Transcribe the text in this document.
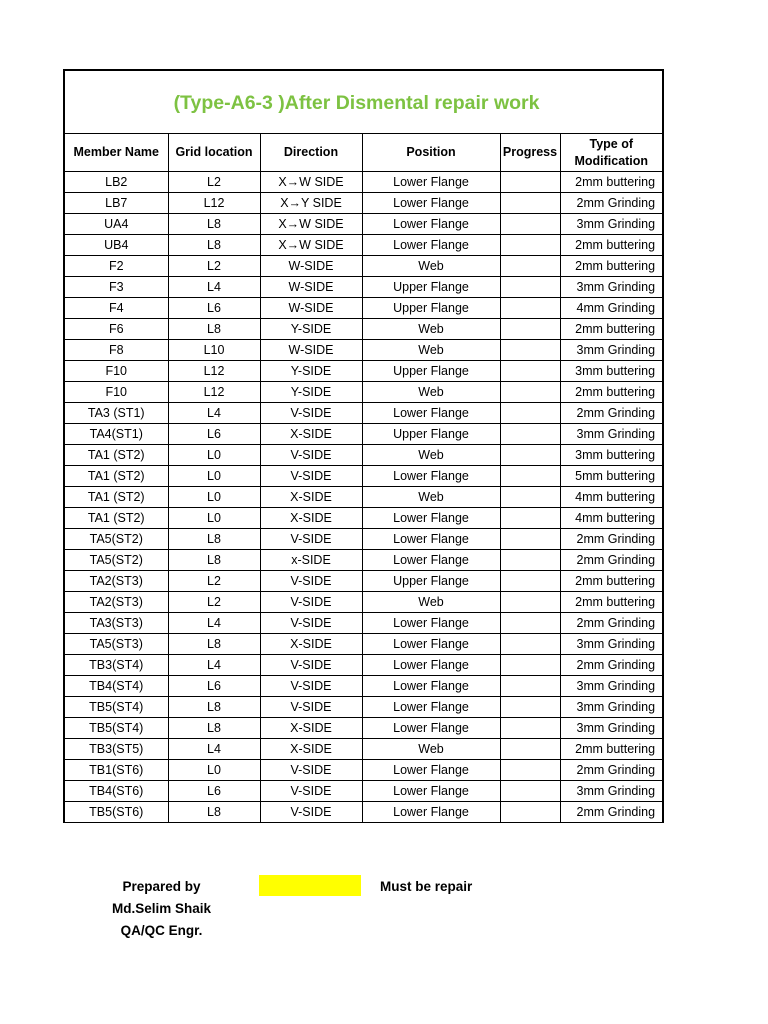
(Type-A6-3 )After Dismental repair work					
Member Name	Grid location	Direction	Position	Progress	Type of Modification
LB2	L2	X→W SIDE	Lower Flange		2mm buttering
LB7	L12	X→Y SIDE	Lower Flange		2mm Grinding
UA4	L8	X→W SIDE	Lower Flange		3mm Grinding
UB4	L8	X→W SIDE	Lower Flange		2mm buttering
F2	L2	W-SIDE	Web		2mm buttering
F3	L4	W-SIDE	Upper Flange		3mm Grinding
F4	L6	W-SIDE	Upper Flange		4mm Grinding
F6	L8	Y-SIDE	Web		2mm buttering
F8	L10	W-SIDE	Web		3mm Grinding
F10	L12	Y-SIDE	Upper Flange		3mm buttering
F10	L12	Y-SIDE	Web		2mm buttering
TA3 (ST1)	L4	V-SIDE	Lower Flange		2mm Grinding
TA4(ST1)	L6	X-SIDE	Upper Flange		3mm Grinding
TA1 (ST2)	L0	V-SIDE	Web		3mm buttering
TA1 (ST2)	L0	V-SIDE	Lower Flange		5mm buttering
TA1 (ST2)	L0	X-SIDE	Web		4mm buttering
TA1 (ST2)	L0	X-SIDE	Lower Flange		4mm buttering
TA5(ST2)	L8	V-SIDE	Lower Flange		2mm Grinding
TA5(ST2)	L8	x-SIDE	Lower Flange		2mm Grinding
TA2(ST3)	L2	V-SIDE	Upper Flange		2mm buttering
TA2(ST3)	L2	V-SIDE	Web		2mm buttering
TA3(ST3)	L4	V-SIDE	Lower Flange		2mm Grinding
TA5(ST3)	L8	X-SIDE	Lower Flange		3mm Grinding
TB3(ST4)	L4	V-SIDE	Lower Flange		2mm Grinding
TB4(ST4)	L6	V-SIDE	Lower Flange		3mm Grinding
TB5(ST4)	L8	V-SIDE	Lower Flange		3mm Grinding
TB5(ST4)	L8	X-SIDE	Lower Flange		3mm Grinding
TB3(ST5)	L4	X-SIDE	Web		2mm buttering
TB1(ST6)	L0	V-SIDE	Lower Flange		2mm Grinding
TB4(ST6)	L6	V-SIDE	Lower Flange		3mm Grinding
TB5(ST6)	L8	V-SIDE	Lower Flange		2mm Grinding
Prepared by
Md.Selim Shaik
QA/QC Engr.
Must be repair
